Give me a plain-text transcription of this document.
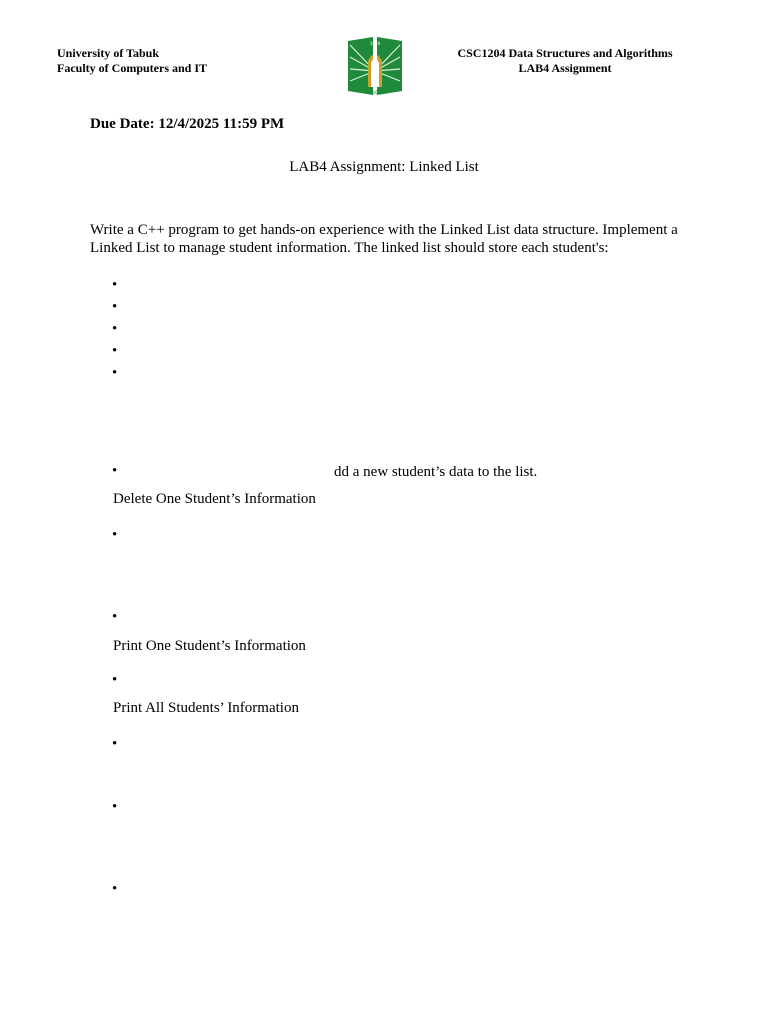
University of Tabuk
Faculty of Computers and IT
1678
2006
CSC1204 Data Structures and Algorithms
LAB4 Assignment
Due Date: 12/4/2025 11:59 PM
LAB4 Assignment: Linked List
Write a C++ program to get hands-on experience with the Linked List data structure. Implement a Linked List to manage student information. The linked list should store each student's:
•
•
•
•
•
•	dd a new student’s data to the list.
Delete One Student’s Information
•
•
Print One Student’s Information
•
Print All Students’ Information
•
•
•
